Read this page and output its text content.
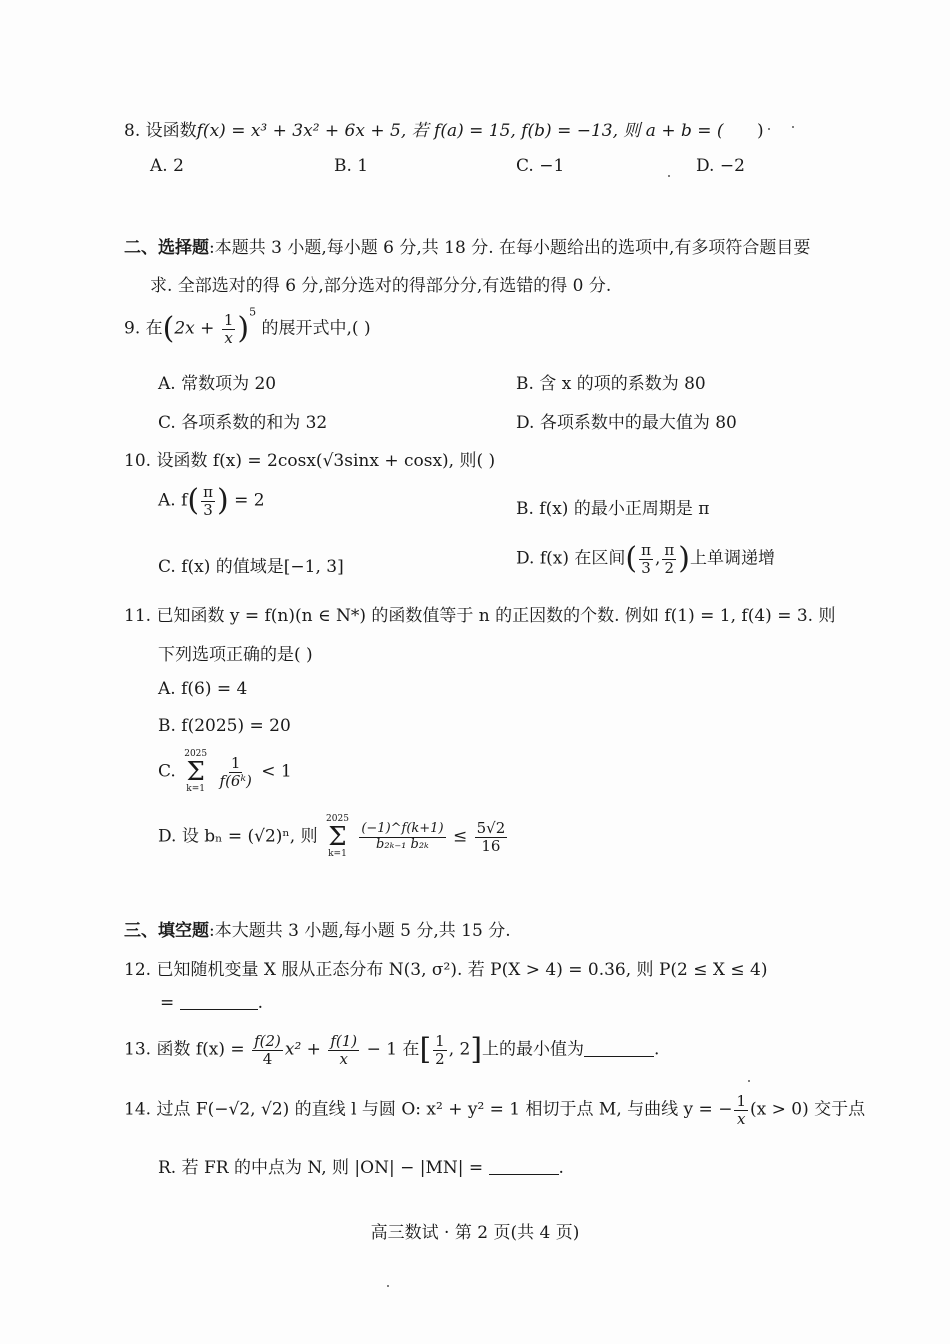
8. 设函数f(x) = x³ + 3x² + 6x + 5, 若 f(a) = 15, f(b) = −13, 则 a + b = ( )
A. 2	B. 1	C. −1	D. −2
二、选择题:本题共 3 小题,每小题 6 分,共 18 分. 在每小题给出的选项中,有多项符合题目要
求. 全部选对的得 6 分,部分选对的得部分分,有选错的得 0 分.
9. 在$(2x + \frac{1}{x} )^5$ 的展开式中,( )
A. 常数项为 20	B. 含 x 的项的系数为 80
C. 各项系数的和为 32	D. 各项系数中的最大值为 80
10. 设函数 f(x) = 2cosx(√3sinx + cosx), 则( )
A. $f( \frac{\pi}{3}$ ) = 2	B. f(x) 的最小正周期是 π
C. f(x) 的值域是[−1, 3]	D. f(x) 在区间( $\frac{\pi}{3}$ , $\frac{\pi}{2}$ )上单调递增
11. 已知函数 y = f(n)(n ∈ N*) 的函数值等于 n 的正因数的个数. 例如 f(1) = 1, f(4) = 3. 则
下列选项正确的是( )
A. f(6) = 4
B. f(2025) = 20
C.
2025
Σ
k=1
$\frac{1}{\text{f(6ᵏ)}} < 1$
D. 设 bₙ = (√2)ⁿ, 则
2025
Σ
k=1

$\frac{(-1)\^{}f(k+1)}{\text{b₂ₖ₋₁ b₂ₖ}} \le \frac{5√2}{16}$
三、填空题:本大题共 3 小题,每小题 5 分,共 15 分.
12. 已知随机变量 X 服从正态分布 N(3, σ²). 若 P(X > 4) = 0.36, 则 P(2 ≤ X ≤ 4)
=	.
13. 函数 $f(x) = \frac{f(2)}{4} x^2 + \frac{f(1)}{x} - 1$ 在[ $\frac{1}{2}$ , 2]上的最小值为	.
14. 过点 F(−√2, √2) 的直线 l 与圆 O: x² + y² = 1 相切于点 M, 与曲线 y = − $\frac{1}{x} (x > 0)$ 交于点
R. 若 FR 的中点为 N, 则 |ON| − |MN| =	.
高三数试 · 第 2 页(共 4 页)
